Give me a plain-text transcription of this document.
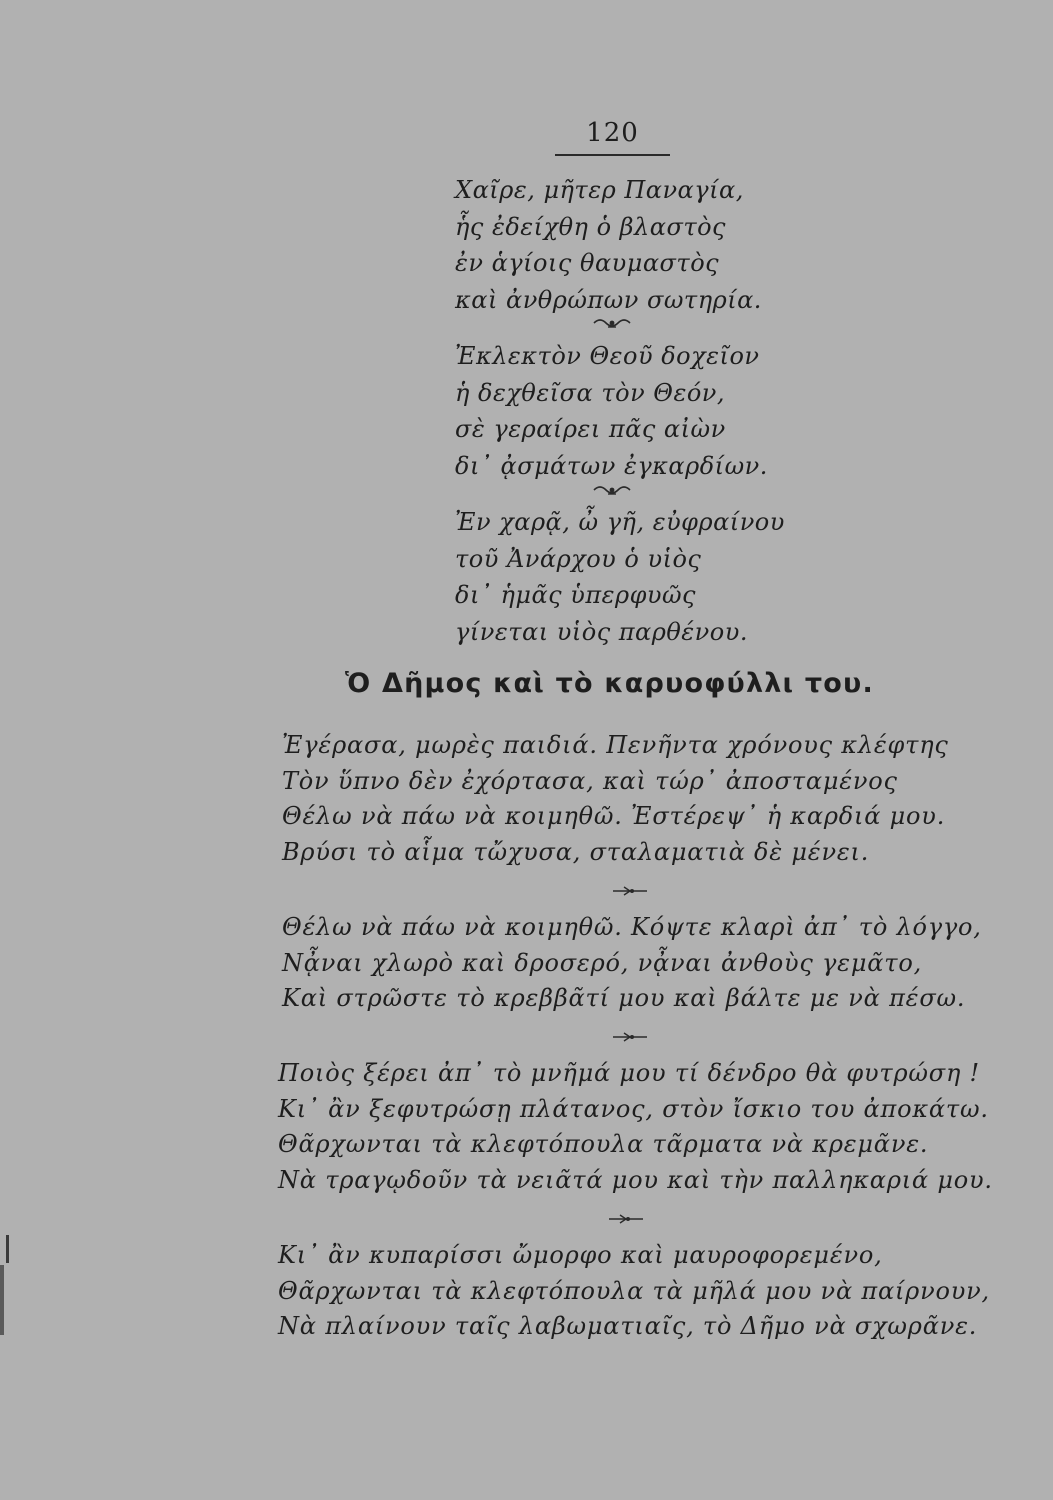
120
Χαῖρε, μῆτερ Παναγία,
ἧς ἐδείχθη ὁ βλαστὸς
ἐν ἁγίοις θαυμαστὸς
καὶ ἀνθρώπων σωτηρία.
Ἐκλεκτὸν Θεοῦ δοχεῖον
ἡ δεχθεῖσα τὸν Θεόν,
σὲ γεραίρει πᾶς αἰὼν
δι᾿ ᾀσμάτων ἐγκαρδίων.
Ἐν χαρᾷ, ὦ γῆ, εὐφραίνου
τοῦ Ἀνάρχου ὁ υἱὸς
δι᾿ ἡμᾶς ὑπερφυῶς
γίνεται υἱὸς παρθένου.
Ὁ Δῆμος καὶ τὸ καρυοφύλλι του.
Ἐγέρασα, μωρὲς παιδιά. Πενῆντα χρόνους κλέφτης
Τὸν ὕπνο δὲν ἐχόρτασα, καὶ τώρ᾿ ἀποσταμένος
Θέλω νὰ πάω νὰ κοιμηθῶ. Ἐστέρεψ᾿ ἡ καρδιά μου.
Βρύσι τὸ αἷμα τὤχυσα, σταλαματιὰ δὲ μένει.
Θέλω νὰ πάω νὰ κοιμηθῶ. Κόψτε κλαρὶ ἀπ᾿ τὸ λόγγο,
Νᾆναι χλωρὸ καὶ δροσερό, νᾆναι ἀνθοὺς γεμᾶτο,
Καὶ στρῶστε τὸ κρεββᾶτί μου καὶ βάλτε με νὰ πέσω.
Ποιὸς ξέρει ἀπ᾿ τὸ μνῆμά μου τί δένδρο θὰ φυτρώση !
Κι᾿ ἂν ξεφυτρώσῃ πλάτανος, στὸν ἴσκιο του ἀποκάτω.
Θᾶρχωνται τὰ κλεφτόπουλα τᾶρματα νὰ κρεμᾶνε.
Νὰ τραγῳδοῦν τὰ νειᾶτά μου καὶ τὴν παλληκαριά μου.
Κι᾿ ἂν κυπαρίσσι ὤμορφο καὶ μαυροφορεμένο,
Θᾶρχωνται τὰ κλεφτόπουλα τὰ μῆλά μου νὰ παίρνουν,
Νὰ πλαίνουν ταῖς λαβωματιαῖς, τὸ Δῆμο νὰ σχωρᾶνε.
